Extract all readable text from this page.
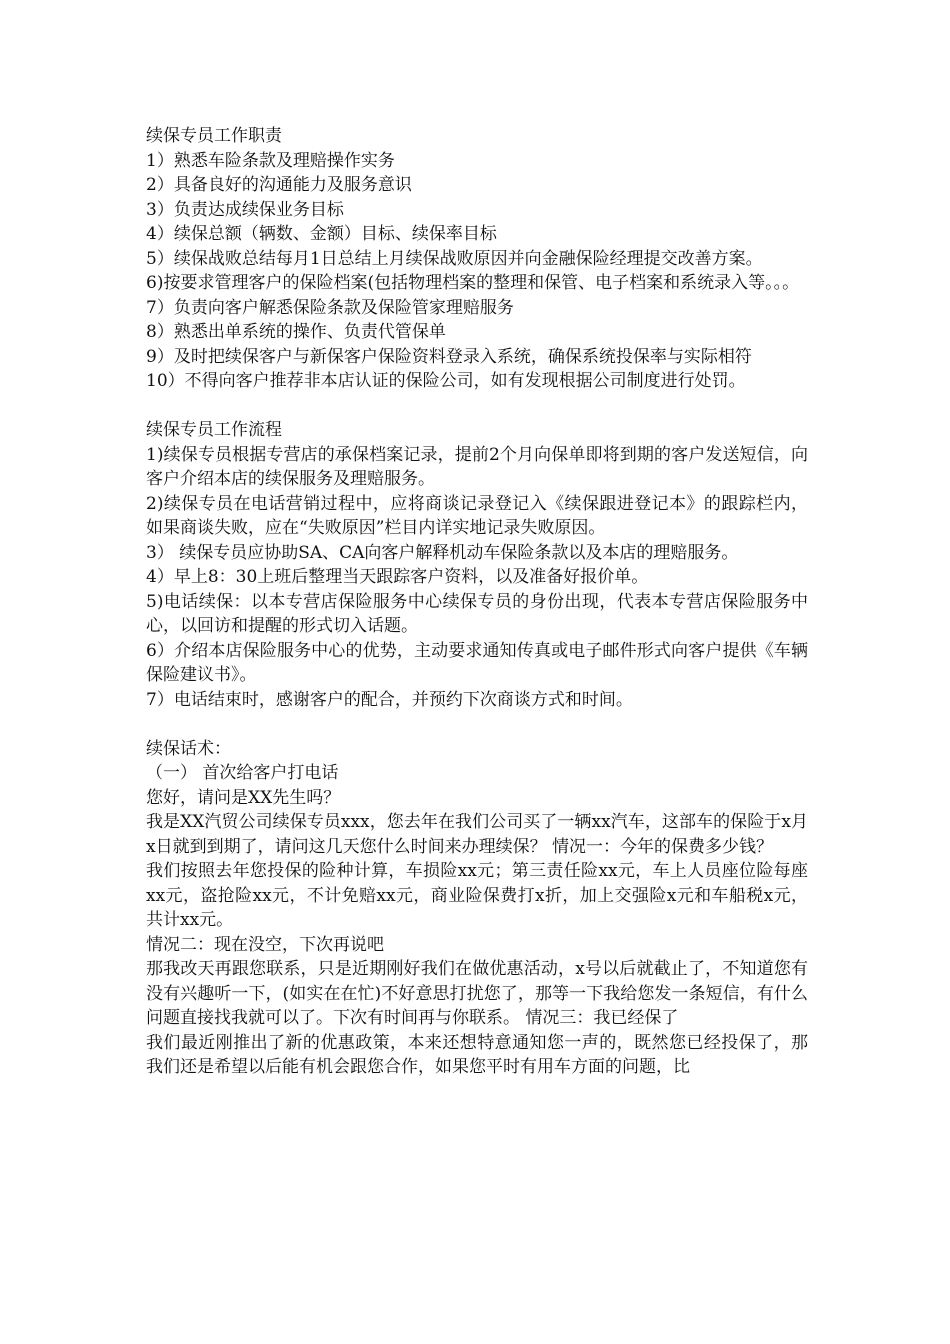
续保专员工作职责

1）熟悉车险条款及理赔操作实务

2）具备良好的沟通能力及服务意识

3）负责达成续保业务目标

4）续保总额（辆数、金额）目标、续保率目标

5）续保战败总结每月1日总结上月续保战败原因并向金融保险经理提交改善方案。

6)按要求管理客户的保险档案(包括物理档案的整理和保管、电子档案和系统录入等。。。

7）负责向客户解悉保险条款及保险管家理赔服务

8）熟悉出单系统的操作、负责代管保单

9）及时把续保客户与新保客户保险资料登录入系统，确保系统投保率与实际相符

10）不得向客户推荐非本店认证的保险公司，如有发现根据公司制度进行处罚。

续保专员工作流程

1)续保专员根据专营店的承保档案记录，提前2个月向保单即将到期的客户发送短信，向客户介绍本店的续保服务及理赔服务。

2)续保专员在电话营销过程中，应将商谈记录登记入《续保跟进登记本》的跟踪栏内，如果商谈失败，应在“失败原因”栏目内详实地记录失败原因。

3） 续保专员应协助SA、CA向客户解释机动车保险条款以及本店的理赔服务。

4）早上8：30上班后整理当天跟踪客户资料，以及准备好报价单。

5)电话续保：以本专营店保险服务中心续保专员的身份出现，代表本专营店保险服务中心，以回访和提醒的形式切入话题。

6）介绍本店保险服务中心的优势，主动要求通知传真或电子邮件形式向客户提供《车辆保险建议书》。

7）电话结束时，感谢客户的配合，并预约下次商谈方式和时间。

续保话术：

（一） 首次给客户打电话

您好，请问是XX先生吗？

我是XX汽贸公司续保专员xxx，您去年在我们公司买了一辆xx汽车，这部车的保险于x月x日就到到期了，请问这几天您什么时间来办理续保？ 情况一：今年的保费多少钱？

我们按照去年您投保的险种计算，车损险xx元；第三责任险xx元，车上人员座位险每座xx元，盗抢险xx元，不计免赔xx元，商业险保费打x折，加上交强险x元和车船税x元，共计xx元。

情况二：现在没空，下次再说吧

那我改天再跟您联系，只是近期刚好我们在做优惠活动，x号以后就截止了，不知道您有没有兴趣听一下，(如实在在忙)不好意思打扰您了，那等一下我给您发一条短信，有什么问题直接找我就可以了。下次有时间再与你联系。 情况三：我已经保了

我们最近刚推出了新的优惠政策，本来还想特意通知您一声的，既然您已经投保了，那我们还是希望以后能有机会跟您合作，如果您平时有用车方面的问题，比
